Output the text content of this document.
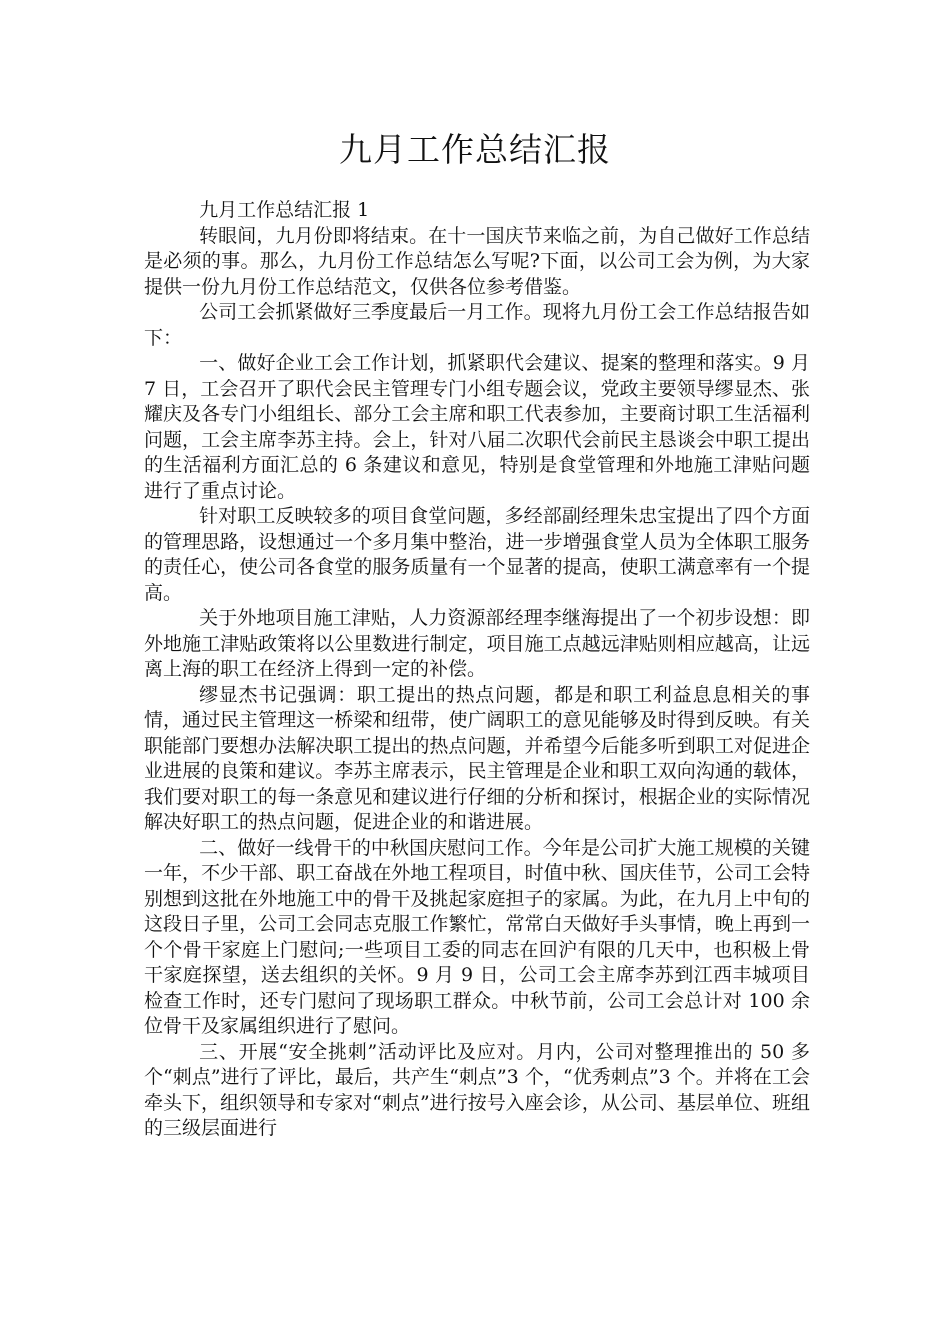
九月工作总结汇报

九月工作总结汇报 1

转眼间，九月份即将结束。在十一国庆节来临之前，为自己做好工作总结是必须的事。那么，九月份工作总结怎么写呢?下面，以公司工会为例，为大家提供一份九月份工作总结范文，仅供各位参考借鉴。

公司工会抓紧做好三季度最后一月工作。现将九月份工会工作总结报告如下：

一、做好企业工会工作计划，抓紧职代会建议、提案的整理和落实。9 月 7 日，工会召开了职代会民主管理专门小组专题会议，党政主要领导缪显杰、张耀庆及各专门小组组长、部分工会主席和职工代表参加，主要商讨职工生活福利问题，工会主席李苏主持。会上，针对八届二次职代会前民主恳谈会中职工提出的生活福利方面汇总的 6 条建议和意见，特别是食堂管理和外地施工津贴问题进行了重点讨论。

针对职工反映较多的项目食堂问题，多经部副经理朱忠宝提出了四个方面的管理思路，设想通过一个多月集中整治，进一步增强食堂人员为全体职工服务的责任心，使公司各食堂的服务质量有一个显著的提高，使职工满意率有一个提高。

关于外地项目施工津贴，人力资源部经理李继海提出了一个初步设想：即外地施工津贴政策将以公里数进行制定，项目施工点越远津贴则相应越高，让远离上海的职工在经济上得到一定的补偿。

缪显杰书记强调：职工提出的热点问题，都是和职工利益息息相关的事情，通过民主管理这一桥梁和纽带，使广阔职工的意见能够及时得到反映。有关职能部门要想办法解决职工提出的热点问题，并希望今后能多听到职工对促进企业进展的良策和建议。李苏主席表示，民主管理是企业和职工双向沟通的载体，我们要对职工的每一条意见和建议进行仔细的分析和探讨，根据企业的实际情况解决好职工的热点问题，促进企业的和谐进展。

二、做好一线骨干的中秋国庆慰问工作。今年是公司扩大施工规模的关键一年，不少干部、职工奋战在外地工程项目，时值中秋、国庆佳节，公司工会特别想到这批在外地施工中的骨干及挑起家庭担子的家属。为此，在九月上中旬的这段日子里，公司工会同志克服工作繁忙，常常白天做好手头事情，晚上再到一个个骨干家庭上门慰问;一些项目工委的同志在回沪有限的几天中，也积极上骨干家庭探望，送去组织的关怀。9 月 9 日，公司工会主席李苏到江西丰城项目检查工作时，还专门慰问了现场职工群众。中秋节前，公司工会总计对 100 余位骨干及家属组织进行了慰问。

三、开展“安全挑刺”活动评比及应对。月内，公司对整理推出的 50 多个“刺点”进行了评比，最后，共产生“刺点”3 个，“优秀刺点”3 个。并将在工会牵头下，组织领导和专家对“刺点”进行按号入座会诊，从公司、基层单位、班组的三级层面进行
